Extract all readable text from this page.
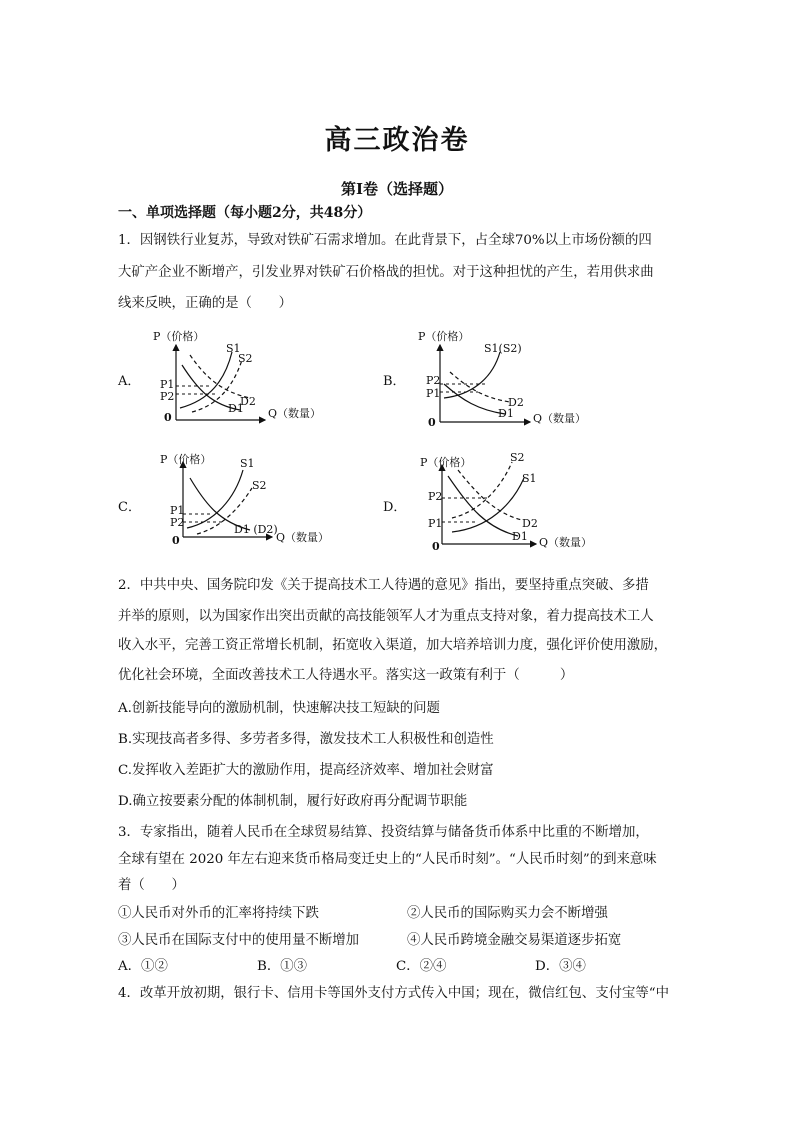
高三政治卷
第Ⅰ卷（选择题）
一、单项选择题（每小题2分，共48分）
1．因钢铁行业复苏，导致对铁矿石需求增加。在此背景下，占全球70%以上市场份额的四
大矿产企业不断增产，引发业界对铁矿石价格战的担忧。对于这种担忧的产生，若用供求曲
线来反映，正确的是（　　）
A．	B．
C．	D．
P（价格）
Q（数量）
0
S1
S2
D2
D1
P1
P2
P（价格）
Q（数量）
0
S1(S2)
D2
D1
P2
P1
P（价格）
Q（数量）
0
S1
S2
D1 (D2)
P1
P2
P（价格）
Q（数量）
0
S2
S1
D2
D1
P2
P1
2．中共中央、国务院印发《关于提高技术工人待遇的意见》指出，要坚持重点突破、多措
并举的原则，以为国家作出突出贡献的高技能领军人才为重点支持对象，着力提高技术工人
收入水平，完善工资正常增长机制，拓宽收入渠道，加大培养培训力度，强化评价使用激励，
优化社会环境，全面改善技术工人待遇水平。落实这一政策有利于（　　　）
A.创新技能导向的激励机制，快速解决技工短缺的问题
B.实现技高者多得、多劳者多得，激发技术工人积极性和创造性
C.发挥收入差距扩大的激励作用，提高经济效率、增加社会财富
D.确立按要素分配的体制机制，履行好政府再分配调节职能
3．专家指出，随着人民币在全球贸易结算、投资结算与储备货币体系中比重的不断增加，
全球有望在 2020 年左右迎来货币格局变迁史上的“人民币时刻”。“人民币时刻”的到来意味
着（　　）
①人民币对外币的汇率将持续下跌	②人民币的国际购买力会不断增强
③人民币在国际支付中的使用量不断增加	④人民币跨境金融交易渠道逐步拓宽
A．①②	B．①③	C．②④	D．③④
4．改革开放初期，银行卡、信用卡等国外支付方式传入中国；现在，微信红包、支付宝等“中
